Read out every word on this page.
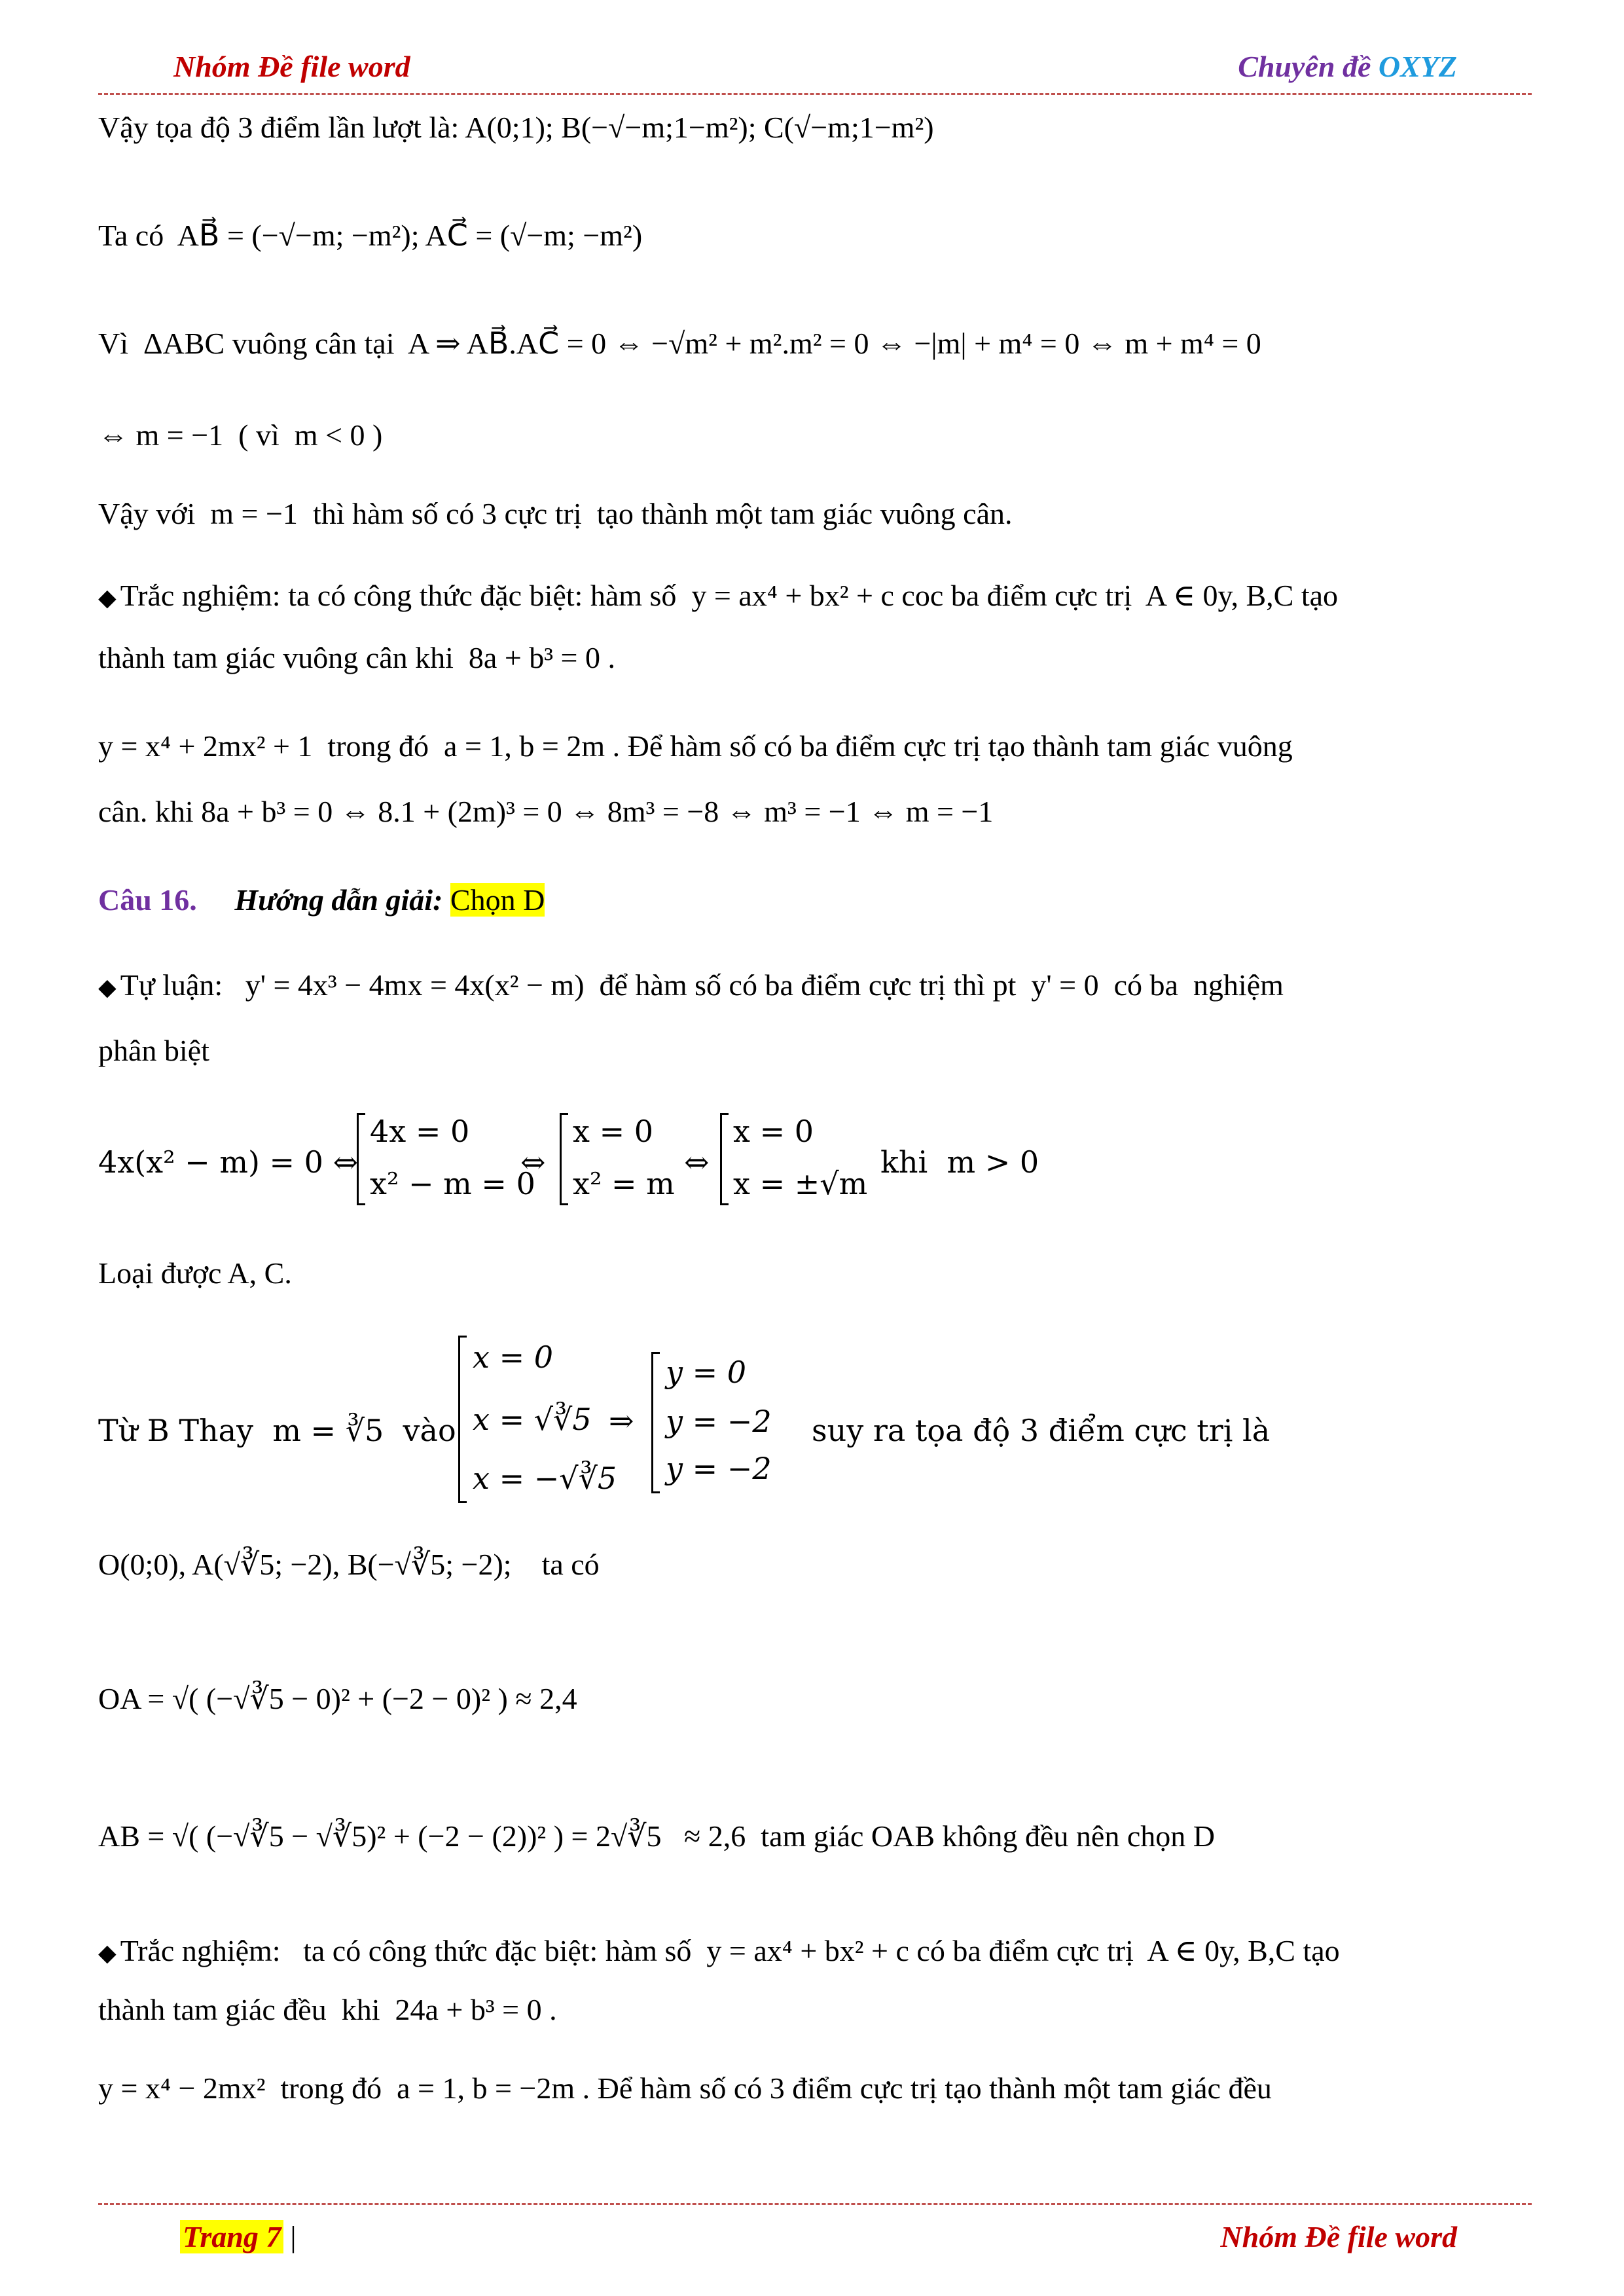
Nhóm Đề file word	Chuyên đề OXYZ
Vậy tọa độ 3 điểm lần lượt là: A(0;1); B(−√−m;1−m²); C(√−m;1−m²)
Ta có  AB⃗ = (−√−m; −m²); AC⃗ = (√−m; −m²)
Vì  ΔABC vuông cân tại  A ⇒ AB⃗.AC⃗ = 0 ⇔ −√m² + m².m² = 0 ⇔ −|m| + m⁴ = 0 ⇔ m + m⁴ = 0
⇔ m = −1  ( vì  m < 0 )
Vậy với  m = −1  thì hàm số có 3 cực trị  tạo thành một tam giác vuông cân.
◆ Trắc nghiệm: ta có công thức đặc biệt: hàm số  y = ax⁴ + bx² + c coc ba điểm cực trị  A ∈ 0y, B,C tạo
thành tam giác vuông cân khi  8a + b³ = 0 .
y = x⁴ + 2mx² + 1  trong đó  a = 1, b = 2m . Để hàm số có ba điểm cực trị tạo thành tam giác vuông
cân. khi 8a + b³ = 0 ⇔ 8.1 + (2m)³ = 0 ⇔ 8m³ = −8 ⇔ m³ = −1 ⇔ m = −1
Câu 16. Hướng dẫn giải: Chọn D
◆ Tự luận:   y' = 4x³ − 4mx = 4x(x² − m)  để hàm số có ba điểm cực trị thì pt  y' = 0  có ba  nghiệm
phân biệt
4x(x² − m) = 0 ⇔
4x = 0
x² − m = 0
⇔
x = 0
x² = m
⇔
x = 0
x = ±√m
khi  m > 0
Loại được A, C.
Từ B Thay  m = ∛5  vào
x = 0
x = √∛5
x = −√∛5
⇒
y = 0
y = −2
y = −2
suy ra tọa độ 3 điểm cực trị là
O(0;0), A(√∛5; −2), B(−√∛5; −2);    ta có
OA = √( (−√∛5 − 0)² + (−2 − 0)² ) ≈ 2,4
AB = √( (−√∛5 − √∛5)² + (−2 − (2))² ) = 2√∛5   ≈ 2,6  tam giác OAB không đều nên chọn D
◆ Trắc nghiệm:   ta có công thức đặc biệt: hàm số  y = ax⁴ + bx² + c có ba điểm cực trị  A ∈ 0y, B,C tạo
thành tam giác đều  khi  24a + b³ = 0 .
y = x⁴ − 2mx²  trong đó  a = 1, b = −2m . Để hàm số có 3 điểm cực trị tạo thành một tam giác đều
Trang 7 |	Nhóm Đề file word
